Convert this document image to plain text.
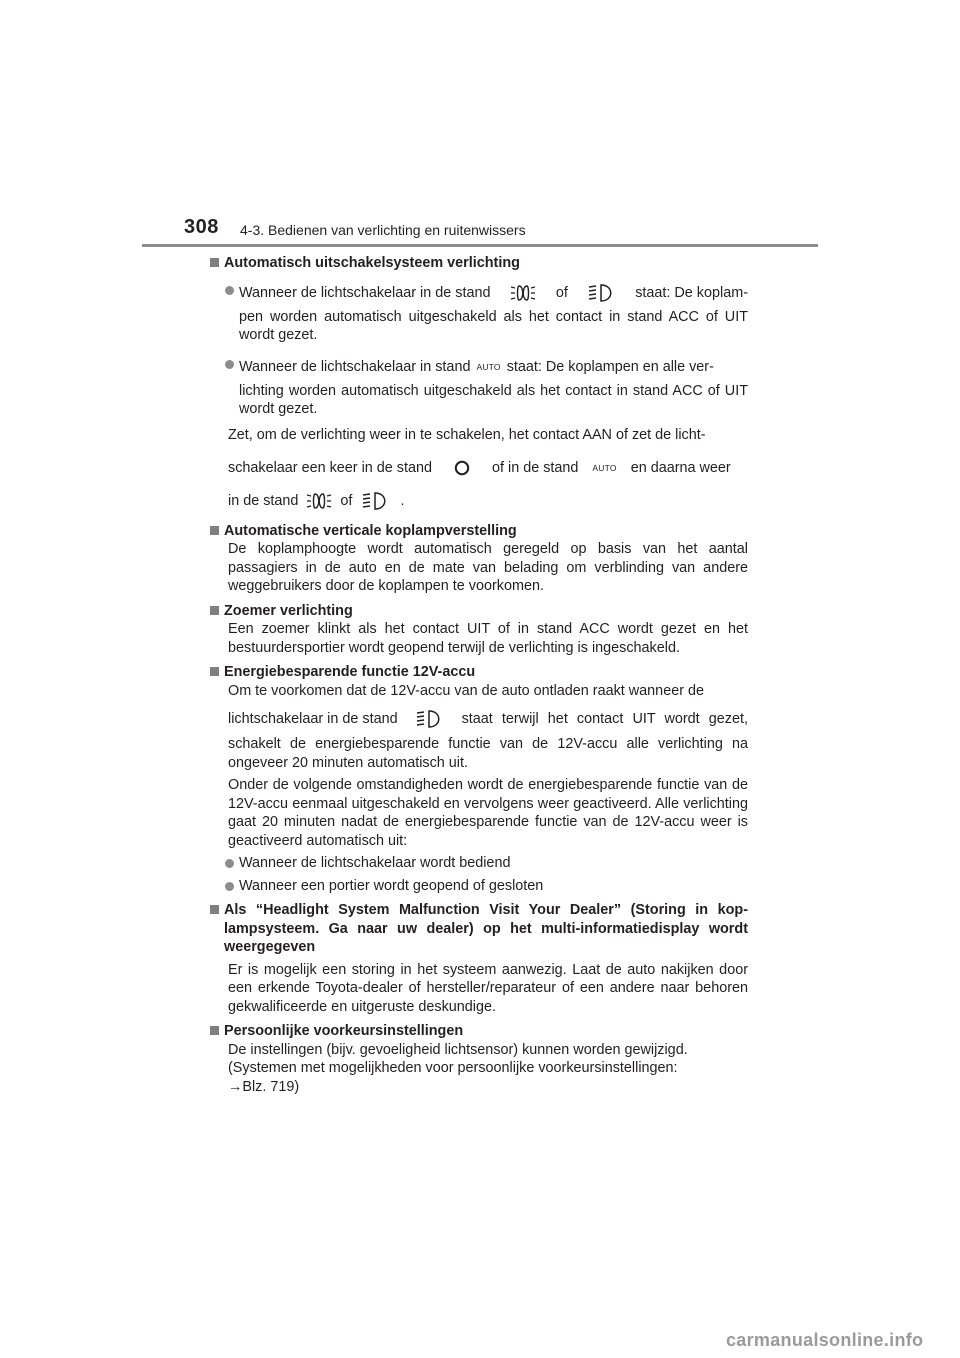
308 4-3. Bedienen van verlichting en ruitenwissers
Automatisch uitschakelsysteem verlichting
Wanneer de lichtschakelaar in de stand	of	staat: De koplam-
pen worden automatisch uitgeschakeld als het contact in stand ACC of UIT wordt gezet.
Wanneer de lichtschakelaar in stand AUTO staat: De koplampen en alle ver-
lichting worden automatisch uitgeschakeld als het contact in stand ACC of UIT wordt gezet.
Zet, om de verlichting weer in te schakelen, het contact AAN of zet de licht-
schakelaar een keer in de stand	of in de stand AUTO en daarna weer
in de stand	of	.
Automatische verticale koplampverstelling
De koplamphoogte wordt automatisch geregeld op basis van het aantal passagiers in de auto en de mate van belading om verblinding van andere weggebruikers door de koplampen te voorkomen.
Zoemer verlichting
Een zoemer klinkt als het contact UIT of in stand ACC wordt gezet en het bestuurdersportier wordt geopend terwijl de verlichting is ingeschakeld.
Energiebesparende functie 12V-accu
Om te voorkomen dat de 12V-accu van de auto ontladen raakt wanneer de
lichtschakelaar in de stand	staat terwijl het contact UIT wordt gezet,
schakelt de energiebesparende functie van de 12V-accu alle verlichting na ongeveer 20 minuten automatisch uit.
Onder de volgende omstandigheden wordt de energiebesparende functie van de 12V-accu eenmaal uitgeschakeld en vervolgens weer geactiveerd. Alle verlichting gaat 20 minuten nadat de energiebesparende functie van de 12V-accu weer is geactiveerd automatisch uit:
Wanneer de lichtschakelaar wordt bediend
Wanneer een portier wordt geopend of gesloten
Als “Headlight System Malfunction Visit Your Dealer” (Storing in koplampsysteem. Ga naar uw dealer) op het multi-informatiedisplay wordt weergegeven
Er is mogelijk een storing in het systeem aanwezig. Laat de auto nakijken door een erkende Toyota-dealer of hersteller/reparateur of een andere naar behoren gekwalificeerde en uitgeruste deskundige.
Persoonlijke voorkeursinstellingen
De instellingen (bijv. gevoeligheid lichtsensor) kunnen worden gewijzigd.
(Systemen met mogelijkheden voor persoonlijke voorkeursinstellingen:
→Blz. 719)
carmanualsonline.info
